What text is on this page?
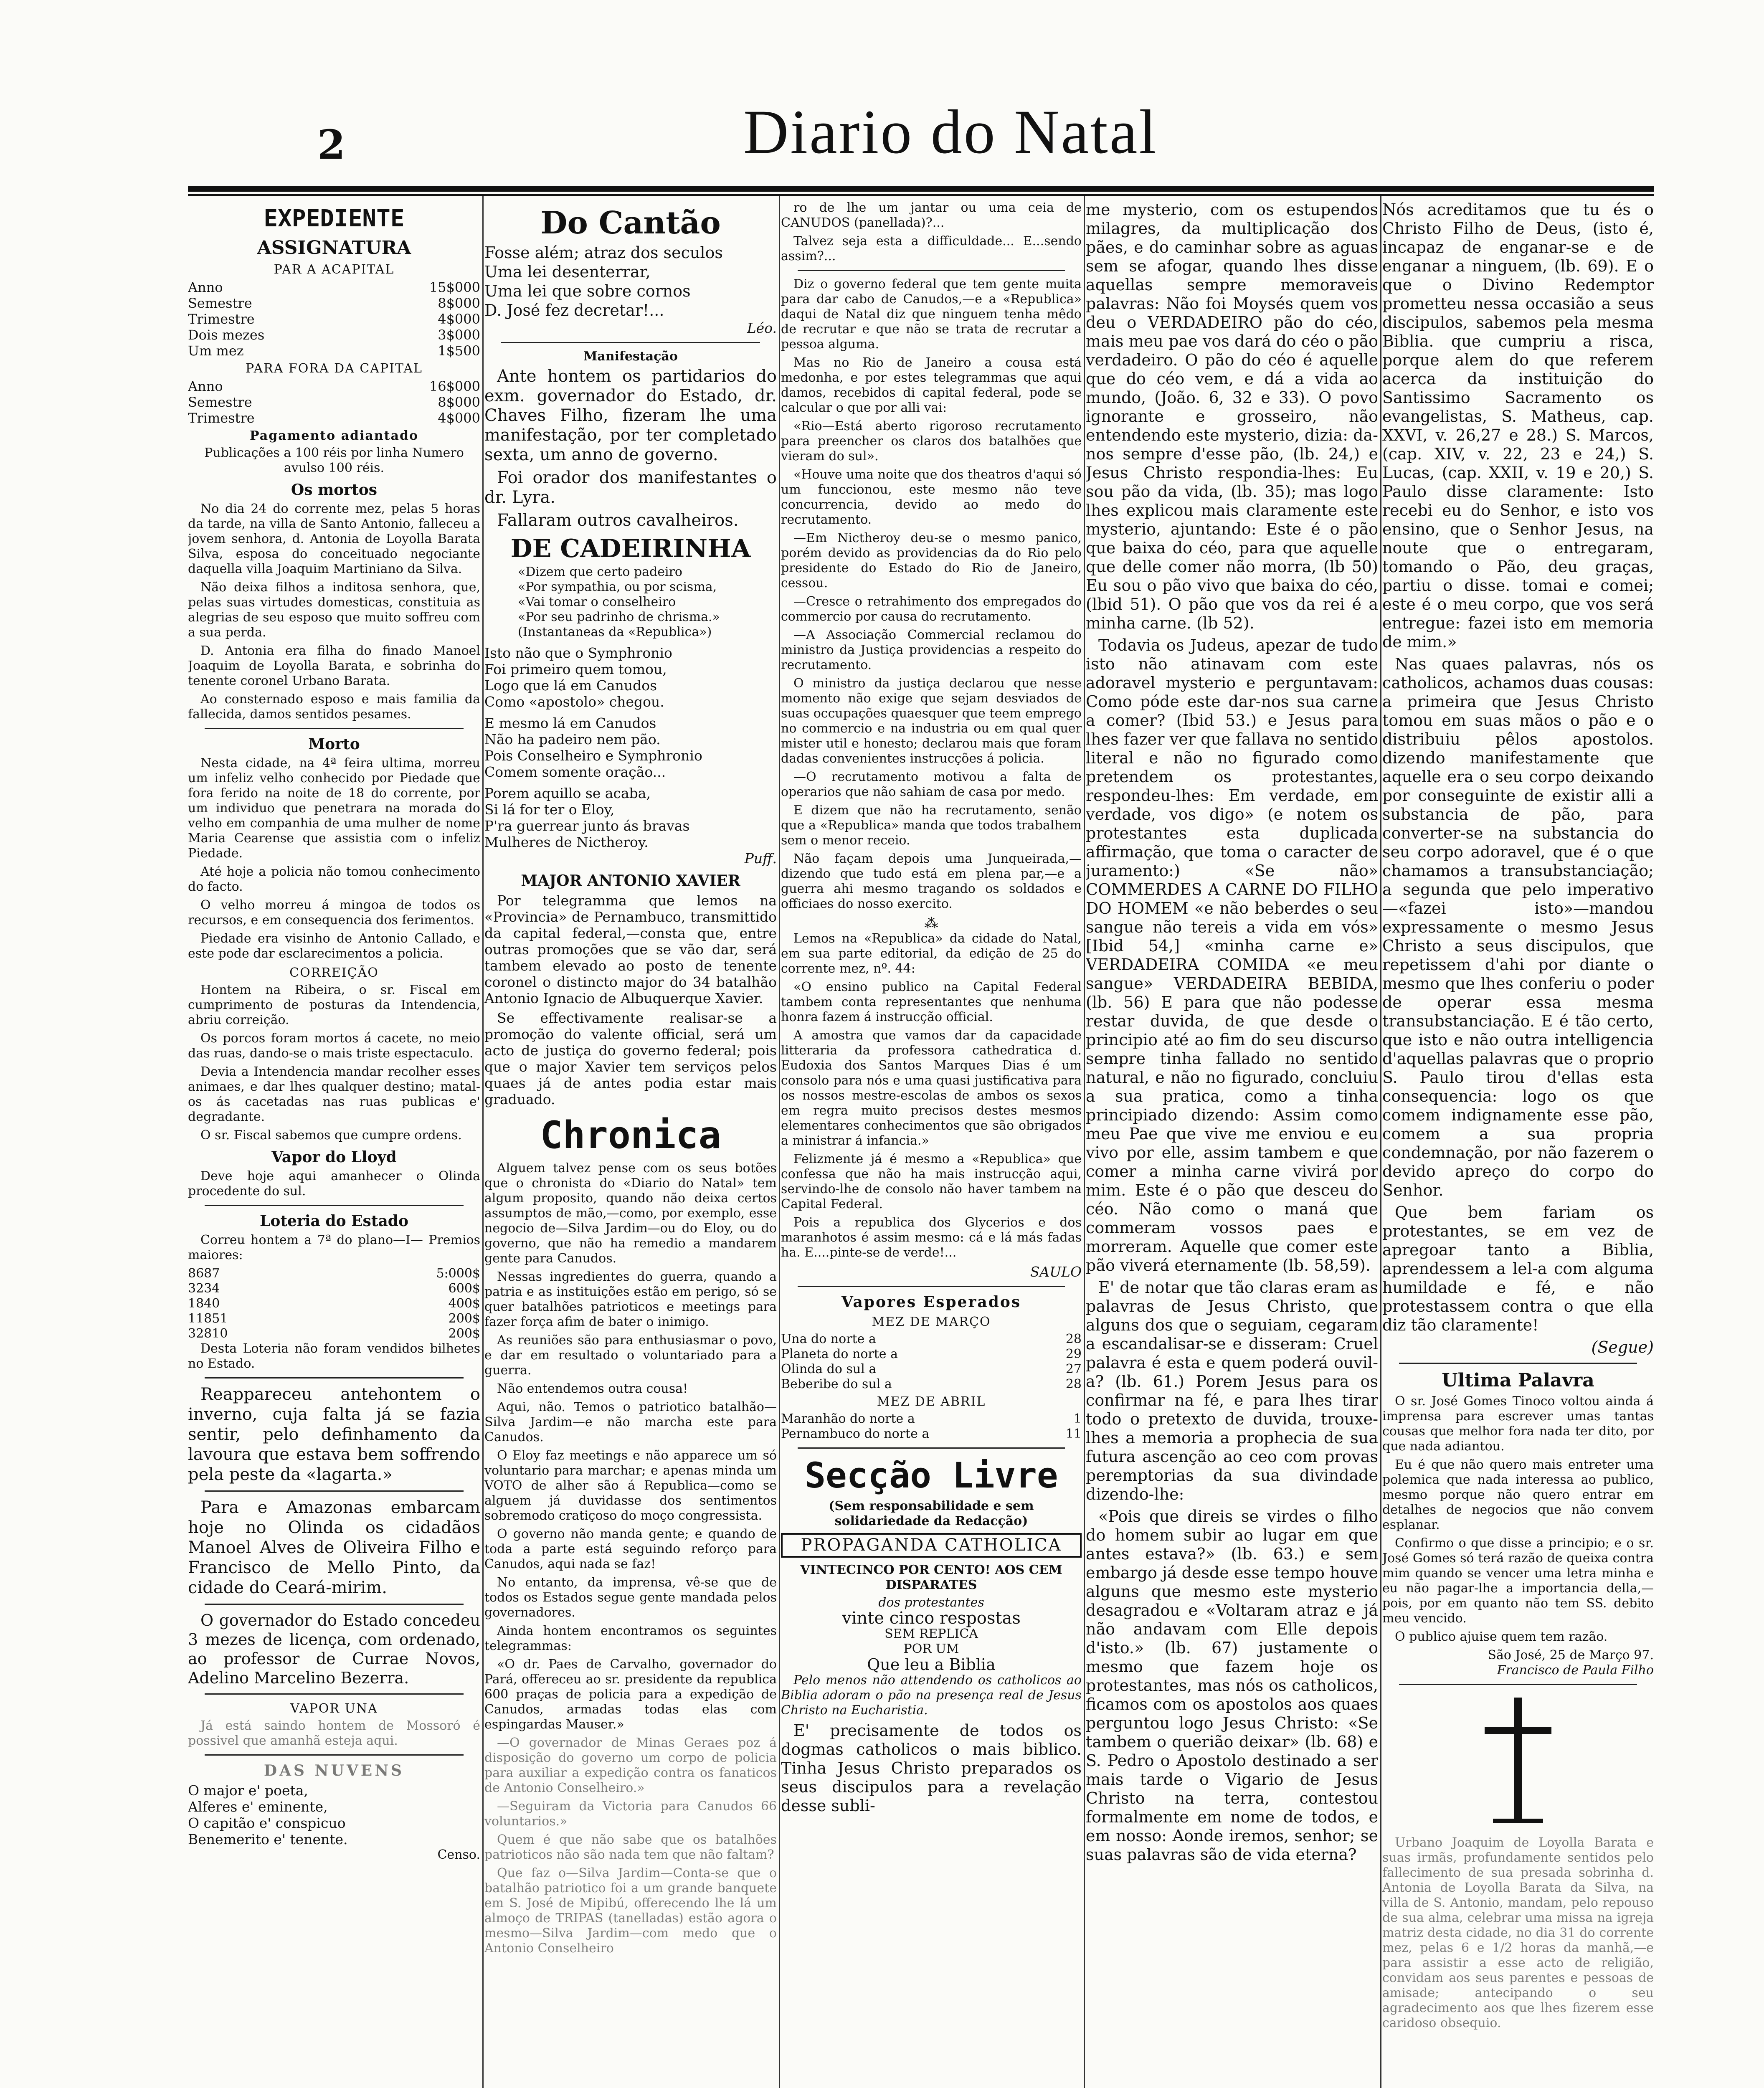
2	Diario do Natal
EXPEDIENTE
ASSIGNATURA
PAR A ACAPITAL
Anno	15$000
Semestre	8$000
Trimestre	4$000
Dois mezes	3$000
Um mez	1$500
PARA FORA DA CAPITAL
Anno	16$000
Semestre	8$000
Trimestre	4$000
Pagamento adiantado

Publicações a 100 réis por linha Numero avulso 100 réis.

Os mortos

No dia 24 do corrente mez, pelas 5 horas da tarde, na villa de Santo Antonio, falleceu a jovem senhora, d. Antonia de Loyolla Barata Silva, esposa do conceituado negociante daquella villa Joaquim Martiniano da Silva.

Não deixa filhos a inditosa senhora, que, pelas suas virtudes domesticas, constituia as alegrias de seu esposo que muito soffreu com a sua perda.

D. Antonia era filha do finado Manoel Joaquim de Loyolla Barata, e sobrinha do tenente coronel Urbano Barata.

Ao consternado esposo e mais familia da fallecida, damos sentidos pesames.

Morto

Nesta cidade, na 4ª feira ultima, morreu um infeliz velho conhecido por Piedade que fora ferido na noite de 18 do corrente, por um individuo que penetrara na morada do velho em companhia de uma mulher de nome Maria Cearense que assistia com o infeliz Piedade.

Até hoje a policia não tomou conhecimento do facto.

O velho morreu á mingoa de todos os recursos, e em consequencia dos ferimentos.

Piedade era visinho de Antonio Callado, e este pode dar esclarecimentos a policia.

CORREIÇÃO

Hontem na Ribeira, o sr. Fiscal em cumprimento de posturas da Intendencia, abriu correição.

Os porcos foram mortos á cacete, no meio das ruas, dando-se o mais triste espectaculo.

Devia a Intendencia mandar recolher esses animaes, e dar lhes qualquer destino; matal-os ás cacetadas nas ruas publicas e' degradante.

O sr. Fiscal sabemos que cumpre ordens.

Vapor do Lloyd

Deve hoje aqui amanhecer o Olinda procedente do sul.

Loteria do Estado

Correu hontem a 7ª do plano—I— Premios maiores:

8687	5:000$
3234	600$
1840	400$
11851	200$
32810	200$

Desta Loteria não foram vendidos bilhetes no Estado.

Reappareceu antehontem o inverno, cuja falta já se fazia sentir, pelo definhamento da lavoura que estava bem soffrendo pela peste da «lagarta.»

Para e Amazonas embarcam hoje no Olinda os cidadãos Manoel Alves de Oliveira Filho e Francisco de Mello Pinto, da cidade do Ceará-mirim.

O governador do Estado concedeu 3 mezes de licença, com ordenado, ao professor de Currae Novos, Adelino Marcelino Bezerra.

VAPOR UNA

Já está saindo hontem de Mossoró é possivel que amanhã esteja aqui.

DAS NUVENS
O major e' poeta,
Alferes e' eminente,
O capitão e' conspicuo
Benemerito e' tenente.
Censo.
Do Cantão
Fosse além; atraz dos seculos
Uma lei desenterrar,
Uma lei que sobre cornos
D. José fez decretar!...
Léo.
Manifestação

Ante hontem os partidarios do exm. governador do Estado, dr. Chaves Filho, fizeram lhe uma manifestação, por ter completado sexta, um anno de governo.

Foi orador dos manifestantes o dr. Lyra.

Fallaram outros cavalheiros.

DE CADEIRINHA
«Dizem que certo padeiro
«Por sympathia, ou por scisma,
«Vai tomar o conselheiro
«Por seu padrinho de chrisma.»
(Instantaneas da «Republica»)
Isto não que o Symphronio
Foi primeiro quem tomou,
Logo que lá em Canudos
Como «apostolo» chegou.
E mesmo lá em Canudos
Não ha padeiro nem pão.
Pois Conselheiro e Symphronio
Comem somente oração...
Porem aquillo se acaba,
Si lá for ter o Eloy,
P'ra guerrear junto ás bravas
Mulheres de Nictheroy.
Puff.
MAJOR ANTONIO XAVIER

Por telegramma que lemos na «Provincia» de Pernambuco, transmittido da capital federal,—consta que, entre outras promoções que se vão dar, será tambem elevado ao posto de tenente coronel o distincto major do 34 batalhão Antonio Ignacio de Albuquerque Xavier.

Se effectivamente realisar-se a promoção do valente official, será um acto de justiça do governo federal; pois que o major Xavier tem serviços pelos quaes já de antes podia estar mais graduado.

Chronica

Alguem talvez pense com os seus botões que o chronista do «Diario do Natal» tem algum proposito, quando não deixa certos assumptos de mão,—como, por exemplo, esse negocio de—Silva Jardim—ou do Eloy, ou do governo, que não ha remedio a mandarem gente para Canudos.

Nessas ingredientes do guerra, quando a patria e as instituições estão em perigo, só se quer batalhões patrioticos e meetings para fazer força afim de bater o inimigo.

As reuniões são para enthusiasmar o povo, e dar em resultado o voluntariado para a guerra.

Não entendemos outra cousa!

Aqui, não. Temos o patriotico batalhão—Silva Jardim—e não marcha este para Canudos.

O Eloy faz meetings e não apparece um só voluntario para marchar; e apenas minda um VOTO de alher são á Republica—como se alguem já duvidasse dos sentimentos sobremodo cratiçoso do moço congressista.

O governo não manda gente; e quando de toda a parte está seguindo reforço para Canudos, aqui nada se faz!

No entanto, da imprensa, vê-se que de todos os Estados segue gente mandada pelos governadores.

Ainda hontem encontramos os seguintes telegrammas:

«O dr. Paes de Carvalho, governador do Pará, offereceu ao sr. presidente da republica 600 praças de policia para a expedição de Canudos, armadas todas elas com espingardas Mauser.»

—O governador de Minas Geraes poz á disposição do governo um corpo de policia para auxiliar a expedição contra os fanaticos de Antonio Conselheiro.»

—Seguiram da Victoria para Canudos 66 voluntarios.»

Quem é que não sabe que os batalhões patrioticos não são nada tem que não faltam?

Que faz o—Silva Jardim—Conta-se que o batalhão patriotico foi a um grande banquete em S. José de Mipibú, offerecendo lhe lá um almoço de TRIPAS (tanelladas) estão agora o mesmo—Silva Jardim—com medo que o Antonio Conselheiro

ro de lhe um jantar ou uma ceia de CANUDOS (panellada)?...

Talvez seja esta a difficuldade... E...sendo assim?...

Diz o governo federal que tem gente muita para dar cabo de Canudos,—e a «Republica» daqui de Natal diz que ninguem tenha mêdo de recrutar e que não se trata de recrutar a pessoa alguma.

Mas no Rio de Janeiro a cousa está medonha, e por estes telegrammas que aqui damos, recebidos di capital federal, pode se calcular o que por alli vai:

«Rio—Está aberto rigoroso recrutamento para preencher os claros dos batalhões que vieram do sul».

«Houve uma noite que dos theatros d'aqui só um funccionou, este mesmo não teve concurrencia, devido ao medo do recrutamento.

—Em Nictheroy deu-se o mesmo panico, porém devido as providencias da do Rio pelo presidente do Estado do Rio de Janeiro, cessou.

—Cresce o retrahimento dos empregados do commercio por causa do recrutamento.

—A Associação Commercial reclamou do ministro da Justiça providencias a respeito do recrutamento.

O ministro da justiça declarou que nesse momento não exige que sejam desviados de suas occupações quaesquer que teem emprego no commercio e na industria ou em qual quer mister util e honesto; declarou mais que foram dadas convenientes instrucções á policia.

—O recrutamento motivou a falta de operarios que não sahiam de casa por medo.

E dizem que não ha recrutamento, senão que a «Republica» manda que todos trabalhem sem o menor receio.

Não façam depois uma Junqueirada,—dizendo que tudo está em plena par,—e a guerra ahi mesmo tragando os soldados e officiaes do nosso exercito.

⁂

Lemos na «Republica» da cidade do Natal, em sua parte editorial, da edição de 25 do corrente mez, nº. 44:

«O ensino publico na Capital Federal tambem conta representantes que nenhuma honra fazem á instrucção official.

A amostra que vamos dar da capacidade litteraria da professora cathedratica d. Eudoxia dos Santos Marques Dias é um consolo para nós e uma quasi justificativa para os nossos mestre-escolas de ambos os sexos em regra muito precisos destes mesmos elementares conhecimentos que são obrigados a ministrar á infancia.»

Felizmente já é mesmo a «Republica» que confessa que não ha mais instrucção aqui, servindo-lhe de consolo não haver tambem na Capital Federal.

Pois a republica dos Glycerios e dos maranhotos é assim mesmo: cá e lá más fadas ha. E....pinte-se de verde!...

SAULO
Vapores Esperados
MEZ DE MARÇO
Una do norte a	28
Planeta do norte a	29
Olinda do sul a	27
Beberibe do sul a	28
MEZ DE ABRIL
Maranhão do norte a	1
Pernambuco do norte a	11
Secção Livre
(Sem responsabilidade e sem solidariedade da Redacção)
PROPAGANDA CATHOLICA
VINTECINCO POR CENTO! AOS CEM DISPARATES
dos protestantes
vinte cinco respostas
SEM REPLICA
POR UM
Que leu a Biblia

Pelo menos não attendendo os catholicos ao Biblia adoram o pão na presença real de Jesus Christo na Eucharistia.

E' precisamente de todos os dogmas catholicos o mais biblico. Tinha Jesus Christo preparados os seus discipulos para a revelação desse subli-

me mysterio, com os estupendos milagres, da multiplicação dos pães, e do caminhar sobre as aguas sem se afogar, quando lhes disse aquellas sempre memoraveis palavras: Não foi Moysés quem vos deu o VERDADEIRO pão do céo, mais meu pae vos dará do céo o pão verdadeiro. O pão do céo é aquelle que do céo vem, e dá a vida ao mundo, (João. 6, 32 e 33). O povo ignorante e grosseiro, não entendendo este mysterio, dizia: da-nos sempre d'esse pão, (lb. 24,) e Jesus Christo respondia-lhes: Eu sou pão da vida, (lb. 35); mas logo lhes explicou mais claramente este mysterio, ajuntando: Este é o pão que baixa do céo, para que aquelle que delle comer não morra, (lb 50) Eu sou o pão vivo que baixa do céo, (lbid 51). O pão que vos da rei é a minha carne. (lb 52).

Todavia os Judeus, apezar de tudo isto não atinavam com este adoravel mysterio e perguntavam: Como póde este dar-nos sua carne a comer? (Ibid 53.) e Jesus para lhes fazer ver que fallava no sentido literal e não no figurado como pretendem os protestantes, respondeu-lhes: Em verdade, em verdade, vos digo» (e notem os protestantes esta duplicada affirmação, que toma o caracter de juramento:) «Se não» COMMERDES A CARNE DO FILHO DO HOMEM «e não beberdes o seu sangue não tereis a vida em vós» [Ibid 54,] «minha carne e» VERDADEIRA COMIDA «e meu sangue» VERDADEIRA BEBIDA, (lb. 56) E para que não podesse restar duvida, de que desde o principio até ao fim do seu discurso sempre tinha fallado no sentido natural, e não no figurado, concluiu a sua pratica, como a tinha principiado dizendo: Assim como meu Pae que vive me enviou e eu vivo por elle, assim tambem e que comer a minha carne vivirá por mim. Este é o pão que desceu do céo. Não como o maná que commeram vossos paes e morreram. Aquelle que comer este pão viverá eternamente (lb. 58,59).

E' de notar que tão claras eram as palavras de Jesus Christo, que alguns dos que o seguiam, cegaram a escandalisar-se e disseram: Cruel palavra é esta e quem poderá ouvil-a? (lb. 61.) Porem Jesus para os confirmar na fé, e para lhes tirar todo o pretexto de duvida, trouxe-lhes a memoria a prophecia de sua futura ascenção ao ceo com provas peremptorias da sua divindade dizendo-lhe:

«Pois que direis se virdes o filho do homem subir ao lugar em que antes estava?» (lb. 63.) e sem embargo já desde esse tempo houve alguns que mesmo este mysterio desagradou e «Voltaram atraz e já não andavam com Elle depois d'isto.» (lb. 67) justamente o mesmo que fazem hoje os protestantes, mas nós os catholicos, ficamos com os apostolos aos quaes perguntou logo Jesus Christo: «Se tambem o querião deixar» (lb. 68) e S. Pedro o Apostolo destinado a ser mais tarde o Vigario de Jesus Christo na terra, contestou formalmente em nome de todos, e em nosso: Aonde iremos, senhor; se suas palavras são de vida eterna?

Nós acreditamos que tu és o Christo Filho de Deus, (isto é, incapaz de enganar-se e de enganar a ninguem, (lb. 69). E o que o Divino Redemptor prometteu nessa occasião a seus discipulos, sabemos pela mesma Biblia. que cumpriu a risca, porque alem do que referem acerca da instituição do Santissimo Sacramento os evangelistas, S. Matheus, cap. XXVI, v. 26,27 e 28.) S. Marcos, (cap. XIV, v. 22, 23 e 24,) S. Lucas, (cap. XXII, v. 19 e 20,) S. Paulo disse claramente: Isto recebi eu do Senhor, e isto vos ensino, que o Senhor Jesus, na noute que o entregaram, tomando o Pão, deu graças, partiu o disse. tomai e comei; este é o meu corpo, que vos será entregue: fazei isto em memoria de mim.»

Nas quaes palavras, nós os catholicos, achamos duas cousas: a primeira que Jesus Christo tomou em suas mãos o pão e o distribuiu pêlos apostolos. dizendo manifestamente que aquelle era o seu corpo deixando por conseguinte de existir alli a substancia de pão, para converter-se na substancia do seu corpo adoravel, que é o que chamamos a transubstanciação; a segunda que pelo imperativo—«fazei isto»—mandou expressamente o mesmo Jesus Christo a seus discipulos, que repetissem d'ahi por diante o mesmo que lhes conferiu o poder de operar essa mesma transubstanciação. E é tão certo, que isto e não outra intelligencia d'aquellas palavras que o proprio S. Paulo tirou d'ellas esta consequencia: logo os que comem indignamente esse pão, comem a sua propria condemnação, por não fazerem o devido apreço do corpo do Senhor.

Que bem fariam os protestantes, se em vez de apregoar tanto a Biblia, aprendessem a lel-a com alguma humildade e fé, e não protestassem contra o que ella diz tão claramente!

(Segue)
Ultima Palavra

O sr. José Gomes Tinoco voltou ainda á imprensa para escrever umas tantas cousas que melhor fora nada ter dito, por que nada adiantou.

Eu é que não quero mais entreter uma polemica que nada interessa ao publico, mesmo porque não quero entrar em detalhes de negocios que não convem esplanar.

Confirmo o que disse a principio; e o sr. José Gomes só terá razão de queixa contra mim quando se vencer uma letra minha e eu não pagar-lhe a importancia della,—pois, por em quanto não tem SS. debito meu vencido.

O publico ajuise quem tem razão.

São José, 25 de Março 97.
Francisco de Paula Filho

Urbano Joaquim de Loyolla Barata e suas irmãs, profundamente sentidos pelo fallecimento de sua presada sobrinha d. Antonia de Loyolla Barata da Silva, na villa de S. Antonio, mandam, pelo repouso de sua alma, celebrar uma missa na igreja matriz desta cidade, no dia 31 do corrente mez, pelas 6 e 1/2 horas da manhã,—e para assistir a esse acto de religião, convidam aos seus parentes e pessoas de amisade; antecipando o seu agradecimento aos que lhes fizerem esse caridoso obsequio.
